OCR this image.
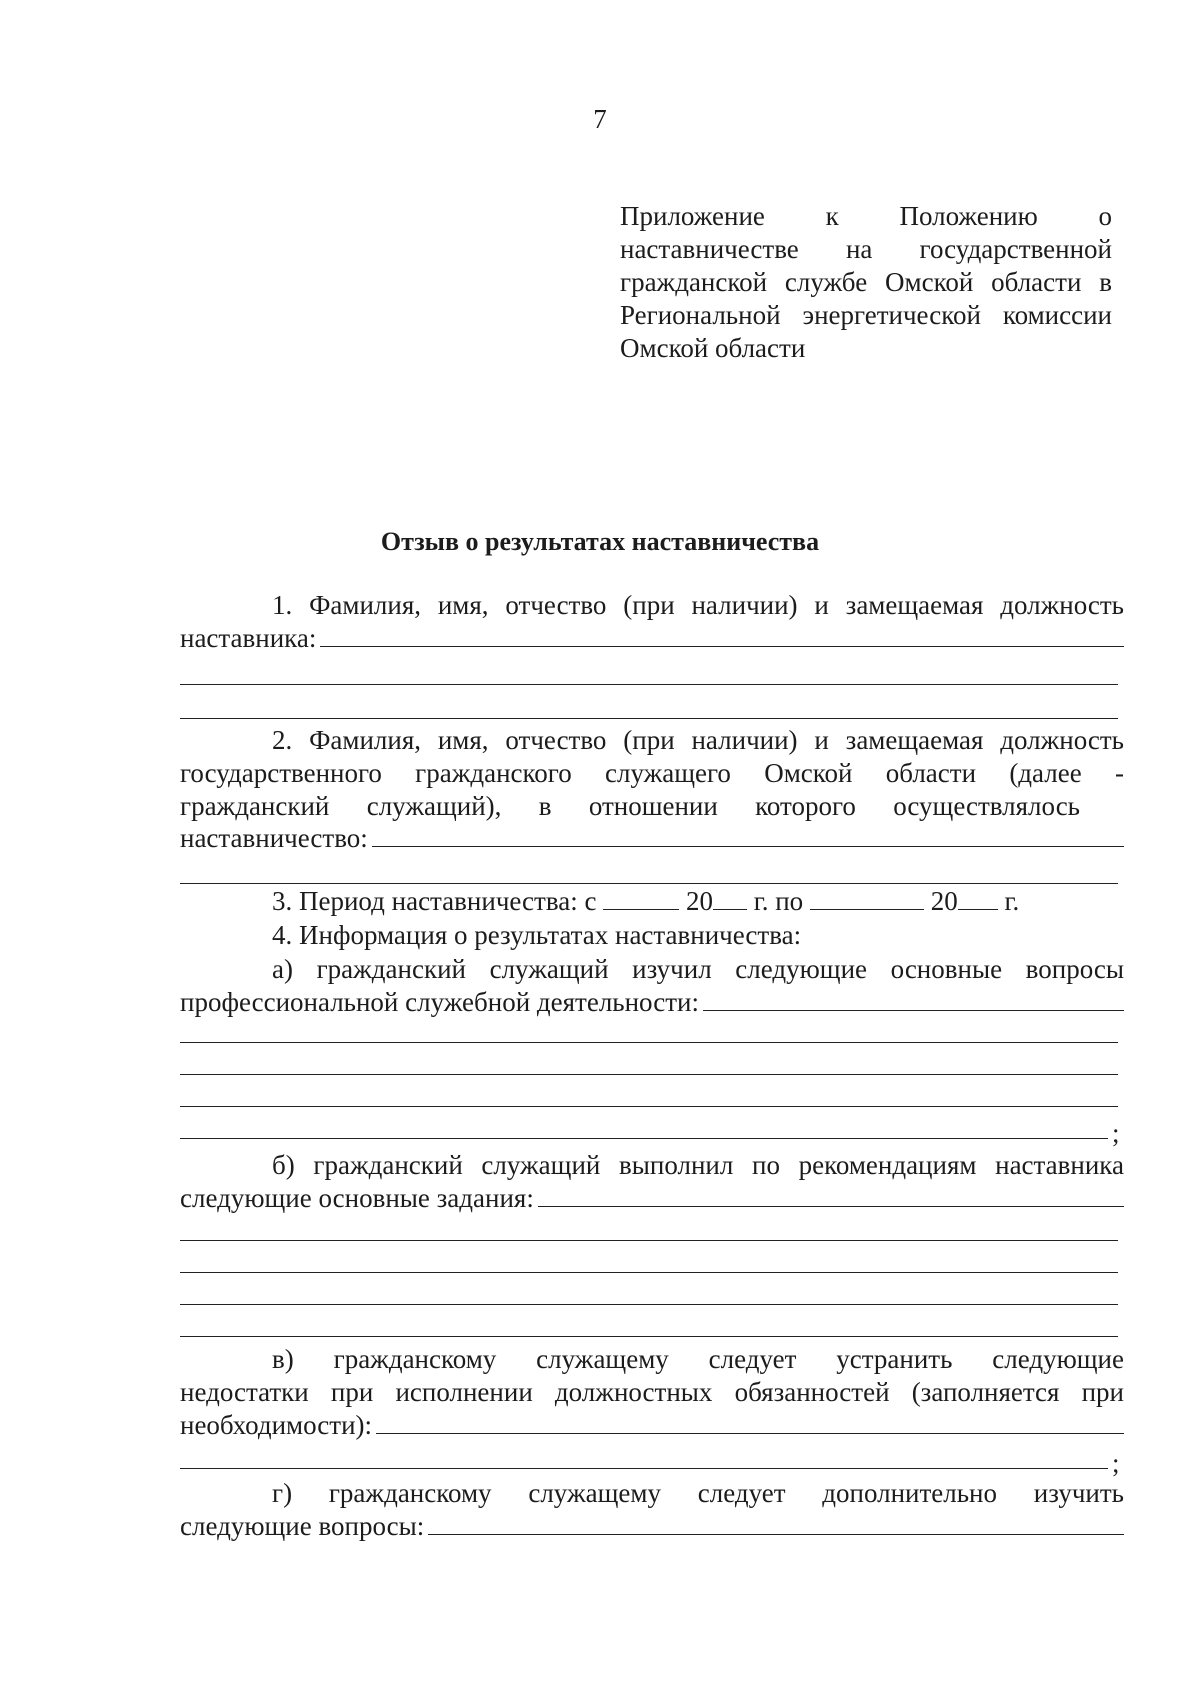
7
Приложение к Положению о
наставничестве на государственной
гражданской службе Омской области в
Региональной энергетической комиссии
Омской области
Отзыв о результатах наставничества
1. Фамилия, имя, отчество (при наличии) и замещаемая должность
наставника:
2. Фамилия, имя, отчество (при наличии) и замещаемая должность
государственного гражданского служащего Омской области (далее -
гражданский служащий), в отношении которого осуществлялось
наставничество:
3. Период наставничества: с	20 г. по	20 г.
4. Информация о результатах наставничества:
а) гражданский служащий изучил следующие основные вопросы
профессиональной служебной деятельности:
;
б) гражданский служащий выполнил по рекомендациям наставника
следующие основные задания:
в) гражданскому служащему следует устранить следующие
недостатки при исполнении должностных обязанностей (заполняется при
необходимости):
;
г) гражданскому служащему следует дополнительно изучить
следующие вопросы:
